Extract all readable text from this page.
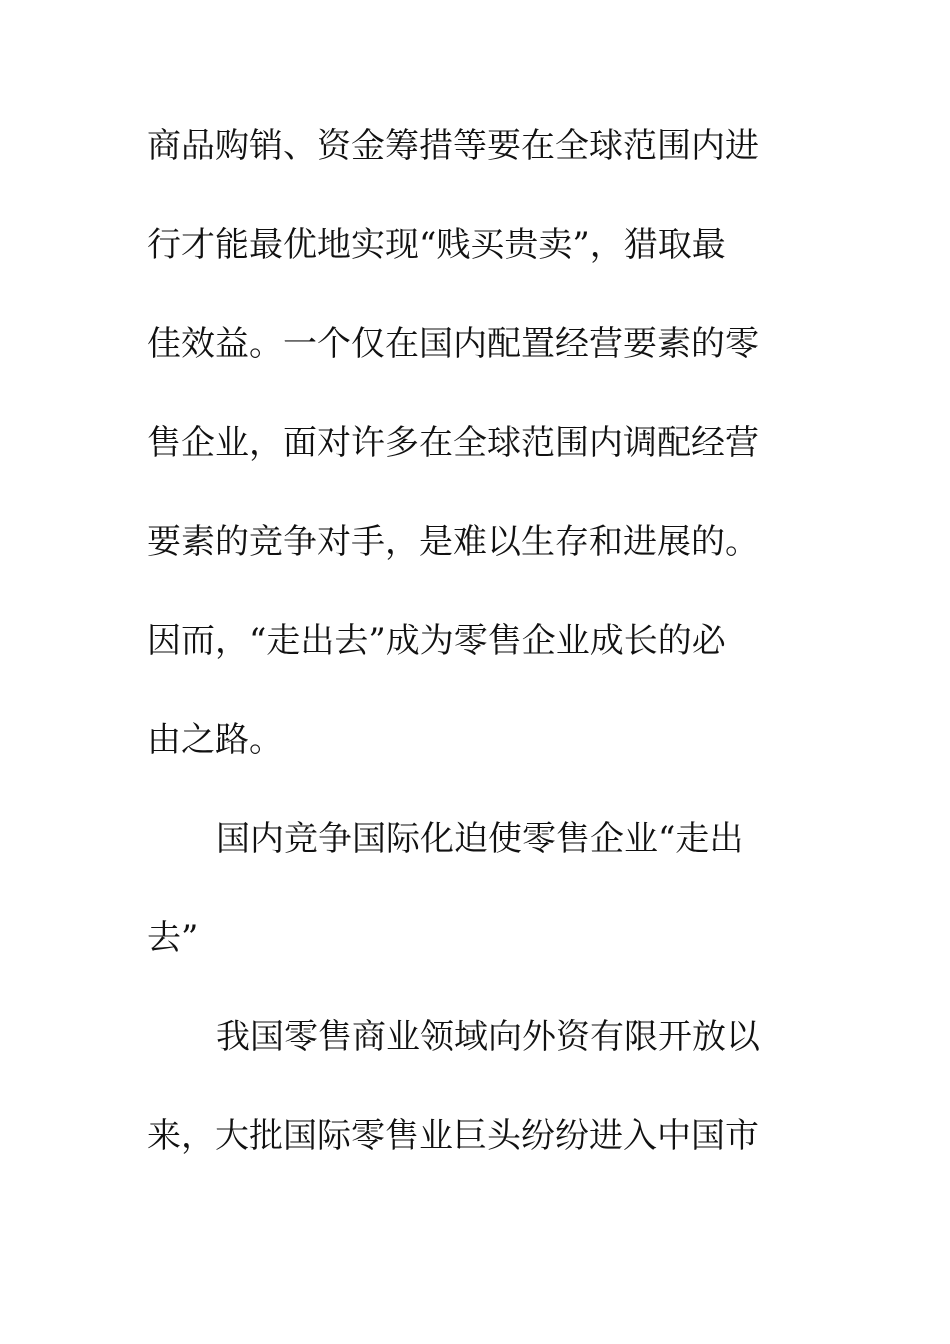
商品购销、资金筹措等要在全球范围内进
行才能最优地实现“贱买贵卖”，猎取最
佳效益。一个仅在国内配置经营要素的零
售企业，面对许多在全球范围内调配经营
要素的竞争对手，是难以生存和进展的。
因而，“走出去”成为零售企业成长的必
由之路。
国内竞争国际化迫使零售企业“走出
去”
我国零售商业领域向外资有限开放以
来，大批国际零售业巨头纷纷进入中国市
